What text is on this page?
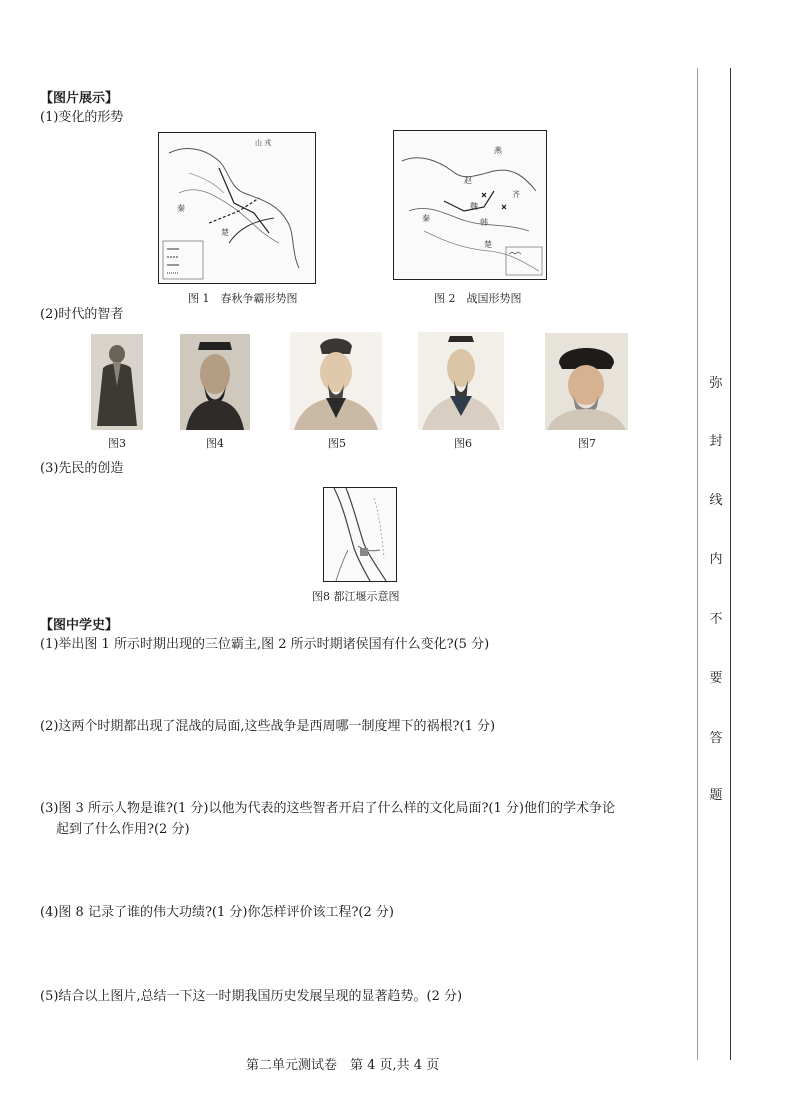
【图片展示】
(1)变化的形势
山 戎
秦
楚
图 1　春秋争霸形势图
燕
赵
魏
韩
齐
秦
楚
图 2　战国形势图
(2)时代的智者
图3	图4	图5	图6	图7
(3)先民的创造
图8 都江堰示意图
【图中学史】
(1)举出图 1 所示时期出现的三位霸主,图 2 所示时期诸侯国有什么变化?(5 分)
(2)这两个时期都出现了混战的局面,这些战争是西周哪一制度埋下的祸根?(1 分)
(3)图 3 所示人物是谁?(1 分)以他为代表的这些智者开启了什么样的文化局面?(1 分)他们的学术争论
起到了什么作用?(2 分)
(4)图 8 记录了谁的伟大功绩?(1 分)你怎样评价该工程?(2 分)
(5)结合以上图片,总结一下这一时期我国历史发展呈现的显著趋势。(2 分)
第二单元测试卷　第 4 页,共 4 页
弥
封
线
内
不
要
答
题
